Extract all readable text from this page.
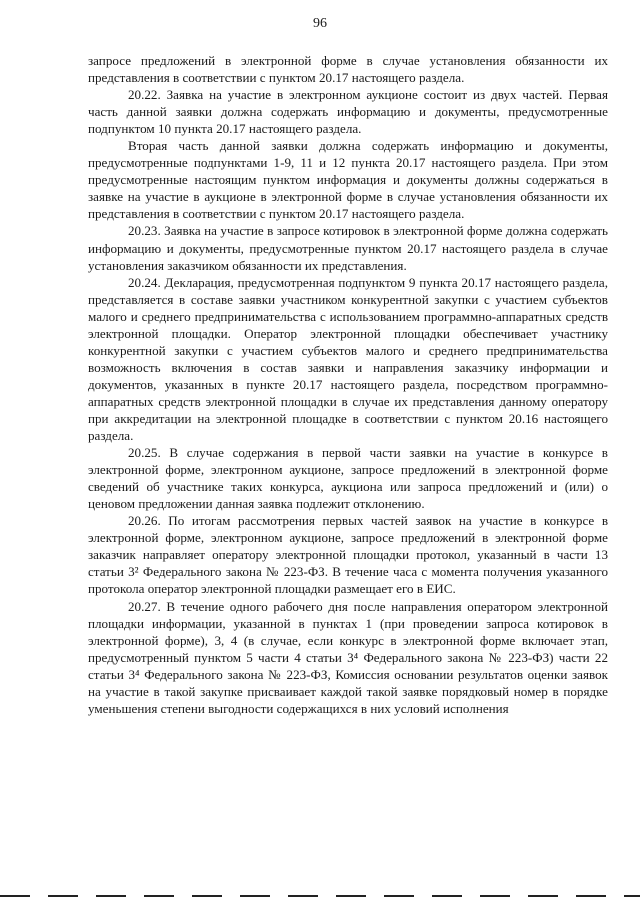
96

запросе предложений в электронной форме в случае установления обязанности их представления в соответствии с пунктом 20.17 настоящего раздела.

20.22. Заявка на участие в электронном аукционе состоит из двух частей. Первая часть данной заявки должна содержать информацию и документы, предусмотренные подпунктом 10 пункта 20.17 настоящего раздела.

Вторая часть данной заявки должна содержать информацию и документы, предусмотренные подпунктами 1-9, 11 и 12 пункта 20.17 настоящего раздела. При этом предусмотренные настоящим пунктом информация и документы должны содержаться в заявке на участие в аукционе в электронной форме в случае установления обязанности их представления в соответствии с пунктом 20.17 настоящего раздела.

20.23. Заявка на участие в запросе котировок в электронной форме должна содержать информацию и документы, предусмотренные пунктом 20.17 настоящего раздела в случае установления заказчиком обязанности их представления.

20.24. Декларация, предусмотренная подпунктом 9 пункта 20.17 настоящего раздела, представляется в составе заявки участником конкурентной закупки с участием субъектов малого и среднего предпринимательства с использованием программно-аппаратных средств электронной площадки. Оператор электронной площадки обеспечивает участнику конкурентной закупки с участием субъектов малого и среднего предпринимательства возможность включения в состав заявки и направления заказчику информации и документов, указанных в пункте 20.17 настоящего раздела, посредством программно-аппаратных средств электронной площадки в случае их представления данному оператору при аккредитации на электронной площадке в соответствии с пунктом 20.16 настоящего раздела.

20.25. В случае содержания в первой части заявки на участие в конкурсе в электронной форме, электронном аукционе, запросе предложений в электронной форме сведений об участнике таких конкурса, аукциона или запроса предложений и (или) о ценовом предложении данная заявка подлежит отклонению.

20.26. По итогам рассмотрения первых частей заявок на участие в конкурсе в электронной форме, электронном аукционе, запросе предложений в электронной форме заказчик направляет оператору электронной площадки протокол, указанный в части 13 статьи 3² Федерального закона № 223-ФЗ. В течение часа с момента получения указанного протокола оператор электронной площадки размещает его в ЕИС.

20.27. В течение одного рабочего дня после направления оператором электронной площадки информации, указанной в пунктах 1 (при проведении запроса котировок в электронной форме), 3, 4 (в случае, если конкурс в электронной форме включает этап, предусмотренный пунктом 5 части 4 статьи 3⁴ Федерального закона № 223-ФЗ) части 22 статьи 3⁴ Федерального закона № 223-ФЗ, Комиссия основании результатов оценки заявок на участие в такой закупке присваивает каждой такой заявке порядковый номер в порядке уменьшения степени выгодности содержащихся в них условий исполнения
